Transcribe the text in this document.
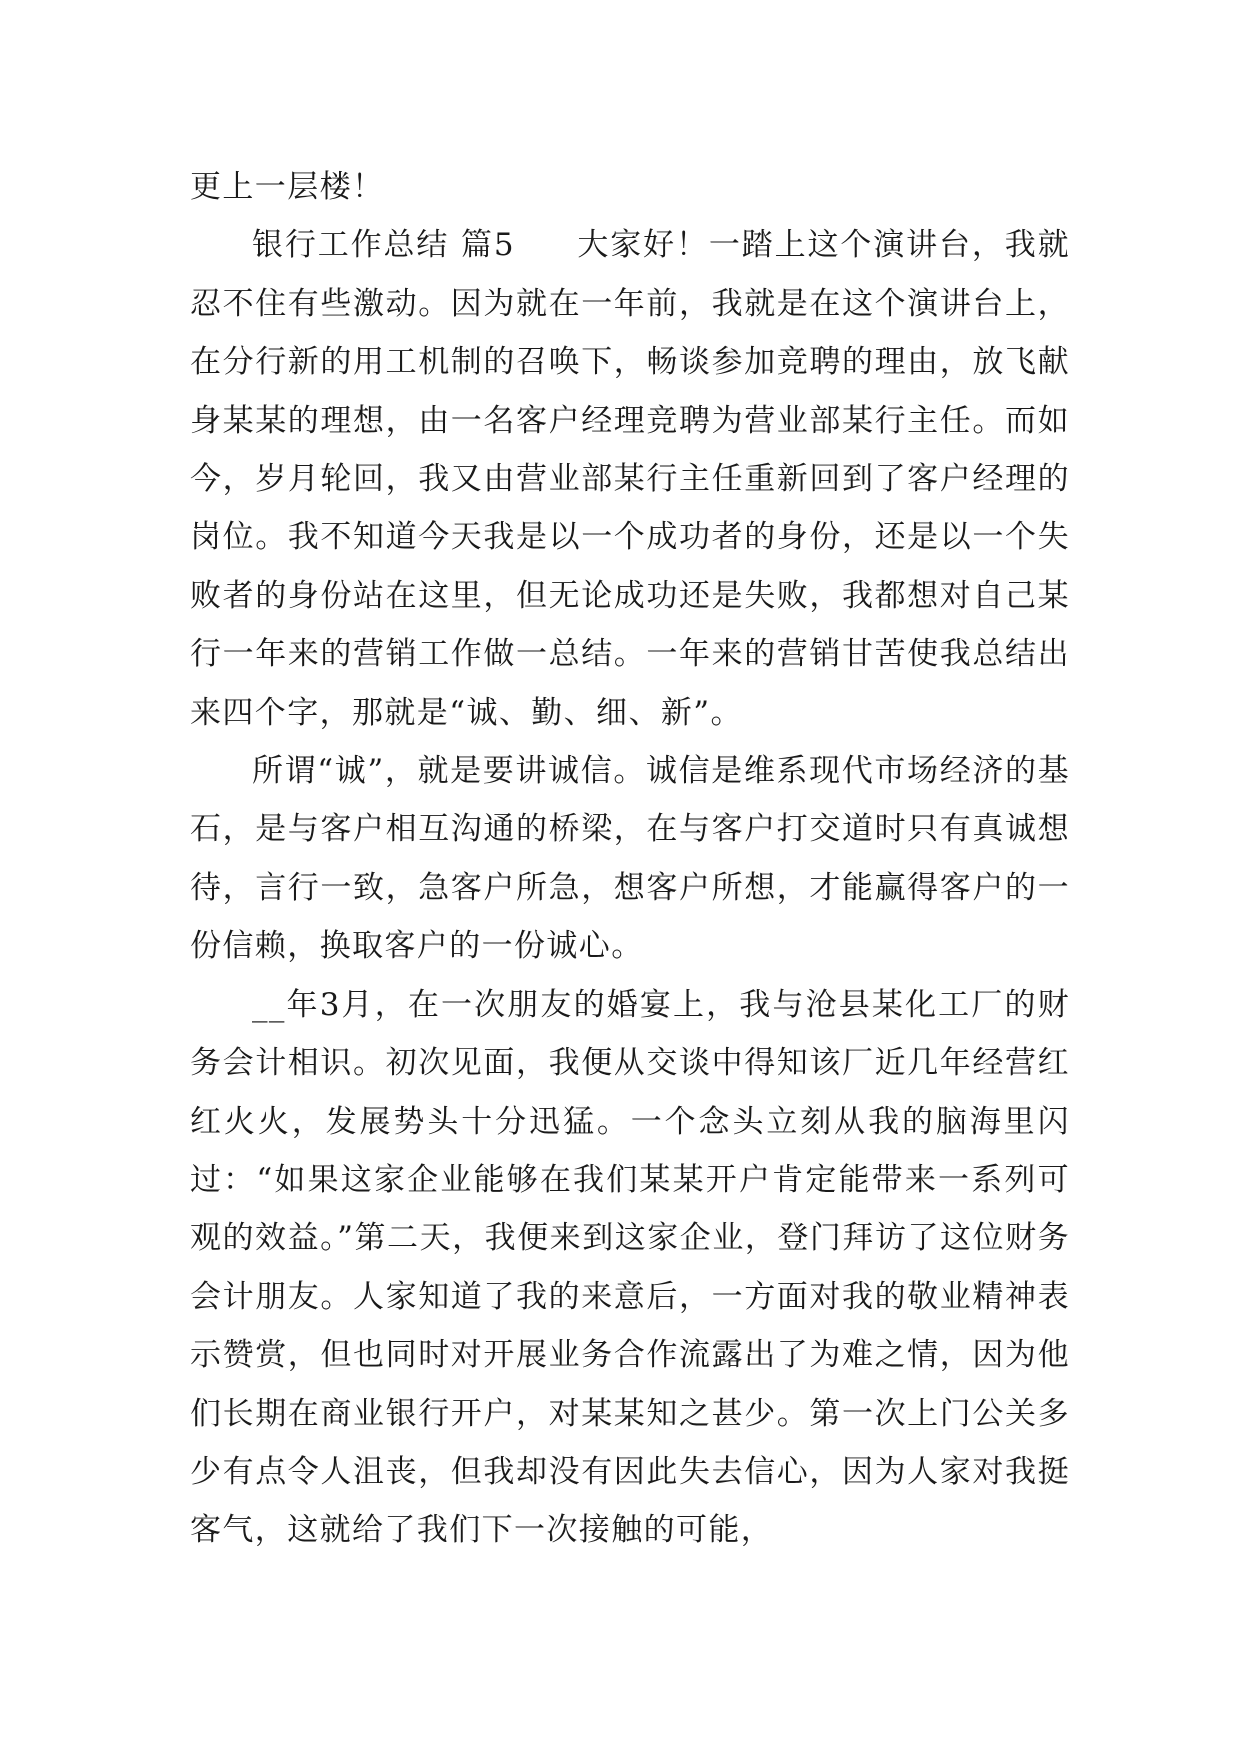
更上一层楼！

银行工作总结 篇5 大家好！一踏上这个演讲台，我就忍不住有些激动。因为就在一年前，我就是在这个演讲台上，在分行新的用工机制的召唤下，畅谈参加竞聘的理由，放飞献身某某的理想，由一名客户经理竞聘为营业部某行主任。而如今，岁月轮回，我又由营业部某行主任重新回到了客户经理的岗位。我不知道今天我是以一个成功者的身份，还是以一个失败者的身份站在这里，但无论成功还是失败，我都想对自己某行一年来的营销工作做一总结。一年来的营销甘苦使我总结出来四个字，那就是“诚、勤、细、新”。

所谓“诚”，就是要讲诚信。诚信是维系现代市场经济的基石，是与客户相互沟通的桥梁，在与客户打交道时只有真诚想待，言行一致，急客户所急，想客户所想，才能赢得客户的一份信赖，换取客户的一份诚心。

__年3月，在一次朋友的婚宴上，我与沧县某化工厂的财务会计相识。初次见面，我便从交谈中得知该厂近几年经营红红火火，发展势头十分迅猛。一个念头立刻从我的脑海里闪过：“如果这家企业能够在我们某某开户肯定能带来一系列可观的效益。”第二天，我便来到这家企业，登门拜访了这位财务会计朋友。人家知道了我的来意后，一方面对我的敬业精神表示赞赏，但也同时对开展业务合作流露出了为难之情，因为他们长期在商业银行开户，对某某知之甚少。第一次上门公关多少有点令人沮丧，但我却没有因此失去信心，因为人家对我挺客气，这就给了我们下一次接触的可能，
